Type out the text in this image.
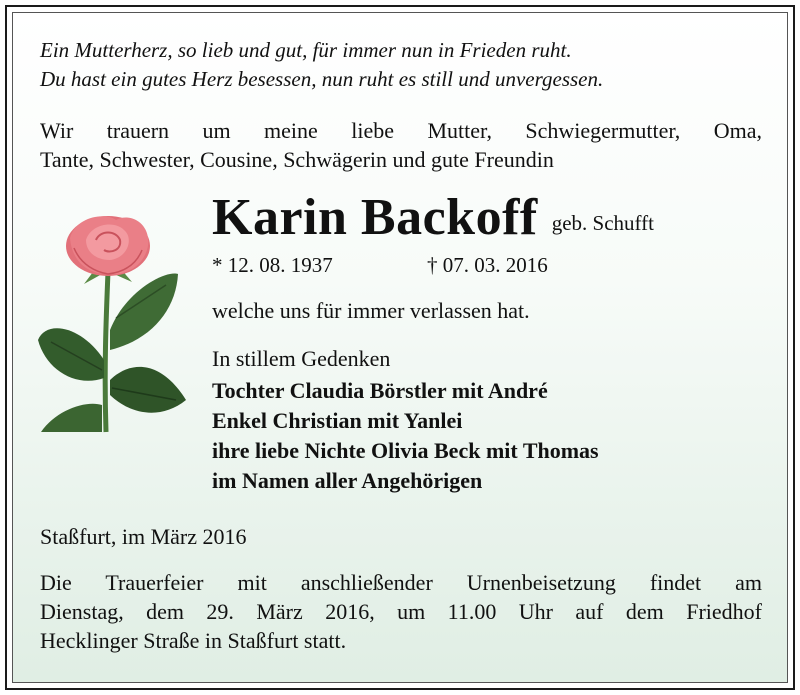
Ein Mutterherz, so lieb und gut, für immer nun in Frieden ruht.
Du hast ein gutes Herz besessen, nun ruht es still und unvergessen.
Wir trauern um meine liebe Mutter, Schwiegermutter, Oma,
Tante, Schwester, Cousine, Schwägerin und gute Freundin
Karin Backoff geb. Schufft
* 12. 08. 1937	† 07. 03. 2016
welche uns für immer verlassen hat.
In stillem Gedenken
Tochter Claudia Börstler mit André
Enkel Christian mit Yanlei
ihre liebe Nichte Olivia Beck mit Thomas
im Namen aller Angehörigen
Staßfurt, im März 2016
Die Trauerfeier mit anschließender Urnenbeisetzung findet am
Dienstag, dem 29. März 2016, um 11.00 Uhr auf dem Friedhof
Hecklinger Straße in Staßfurt statt.
